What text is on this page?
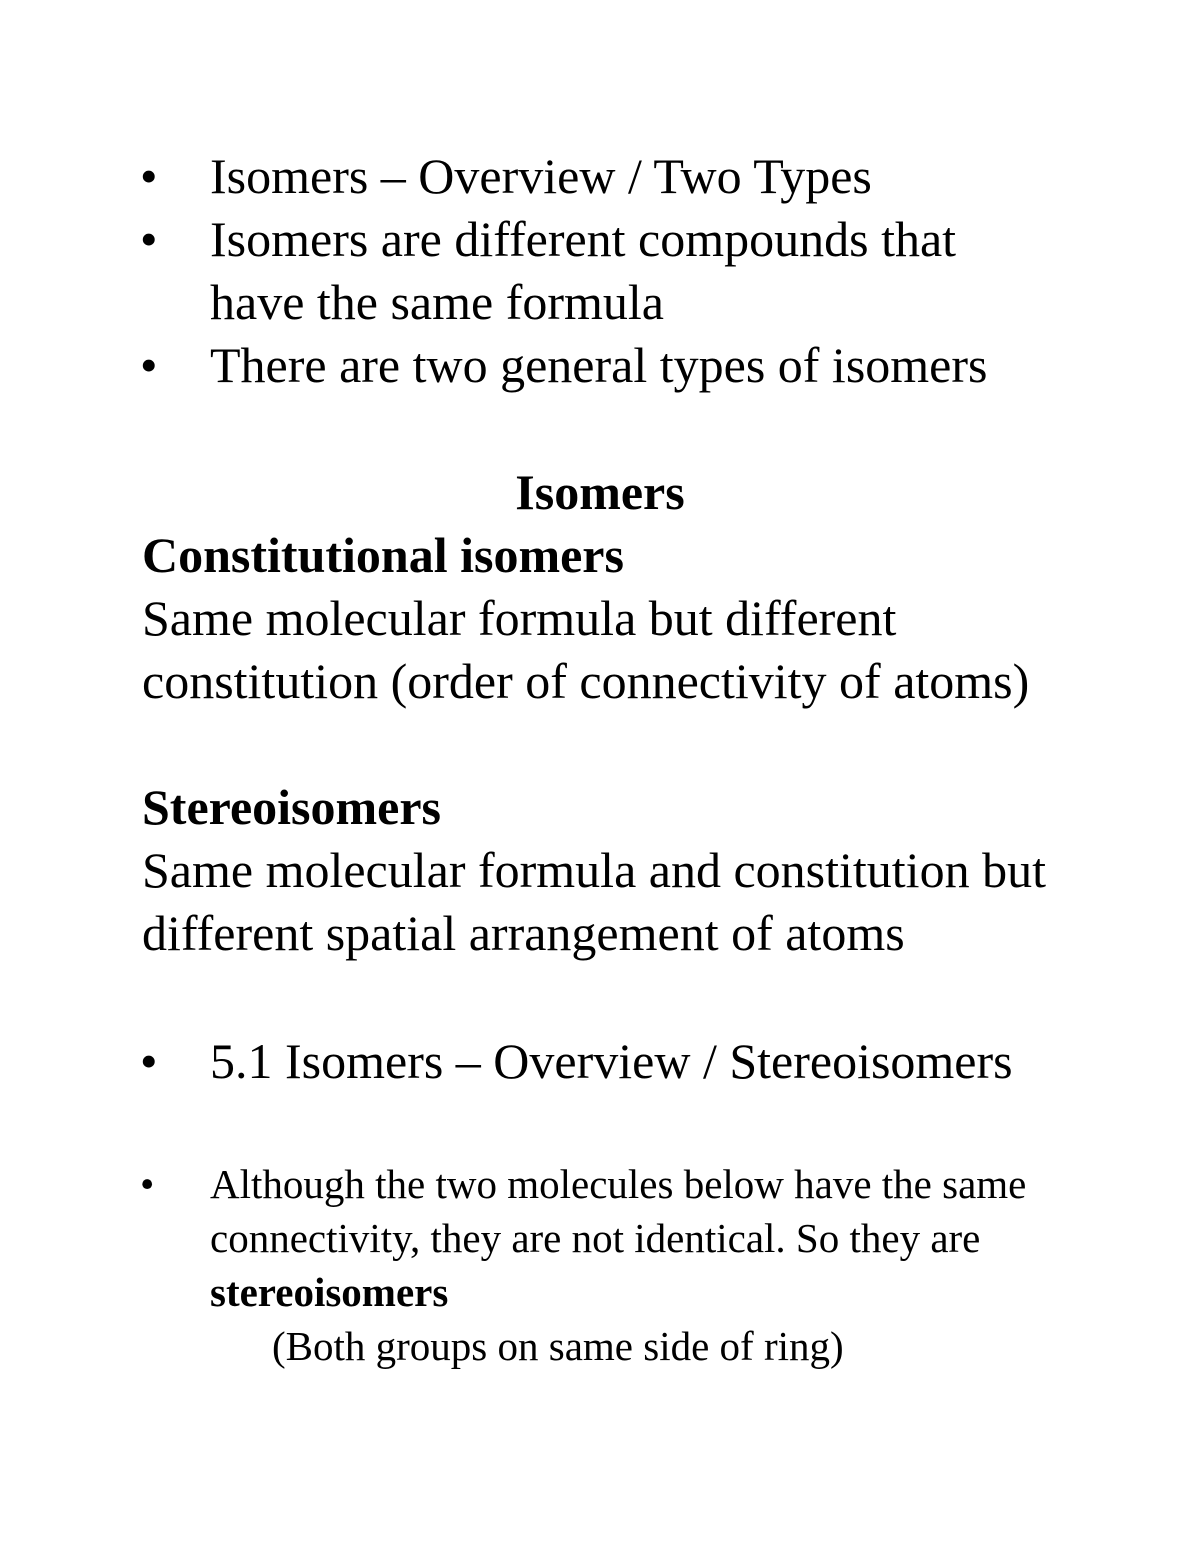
• Isomers – Overview / Two Types
• Isomers are different compounds that have the same formula
• There are two general types of isomers
Isomers

Constitutional isomers

Same molecular formula but different constitution (order of connectivity of atoms)

Stereoisomers

Same molecular formula and constitution but different spatial arrangement of atoms

• 5.1 Isomers – Overview / Stereoisomers
•	Although the two molecules below have the same connectivity, they are not identical. So they are stereoisomers

(Both groups on same side of ring)
